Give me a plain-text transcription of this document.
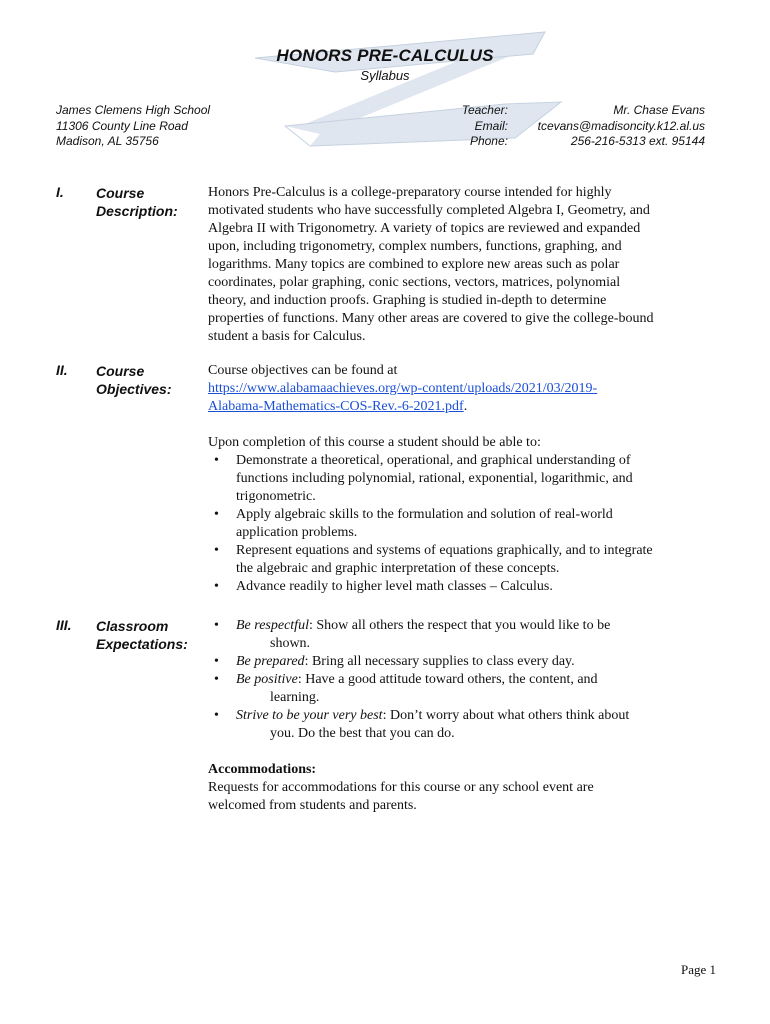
HONORS PRE-CALCULUS
Syllabus
James Clemens High School
11306 County Line Road
Madison, AL 35756
Teacher:
Email:
Phone:
Mr. Chase Evans
tcevans@madisoncity.k12.al.us
256-216-5313 ext. 95144
I. Course
Description:

Honors Pre-Calculus is a college-preparatory course intended for highly motivated students who have successfully completed Algebra I, Geometry, and Algebra II with Trigonometry. A variety of topics are reviewed and expanded upon, including trigonometry, complex numbers, functions, graphing, and logarithms. Many topics are combined to explore new areas such as polar coordinates, polar graphing, conic sections, vectors, matrices, polynomial theory, and induction proofs. Graphing is studied in-depth to determine properties of functions. Many other areas are covered to give the college-bound student a basis for Calculus.

II. Course
Objectives:

Course objectives can be found at

https://www.alabamaachieves.org/wp-content/uploads/2021/03/2019-
Alabama-Mathematics-COS-Rev.-6-2021.pdf.

Upon completion of this course a student should be able to:

• Demonstrate a theoretical, operational, and graphical understanding of functions including polynomial, rational, exponential, logarithmic, and trigonometric.
• Apply algebraic skills to the formulation and solution of real-world application problems.
• Represent equations and systems of equations graphically, and to integrate the algebraic and graphic interpretation of these concepts.
• Advance readily to higher level math classes – Calculus.
III. Classroom
Expectations:
• Be respectful: Show all others the respect that you would like to be
shown.
• Be prepared: Bring all necessary supplies to class every day.
• Be positive: Have a good attitude toward others, the content, and
learning.
• Strive to be your very best: Don’t worry about what others think about
you. Do the best that you can do.

Accommodations:

Requests for accommodations for this course or any school event are welcomed from students and parents.

Page 1
